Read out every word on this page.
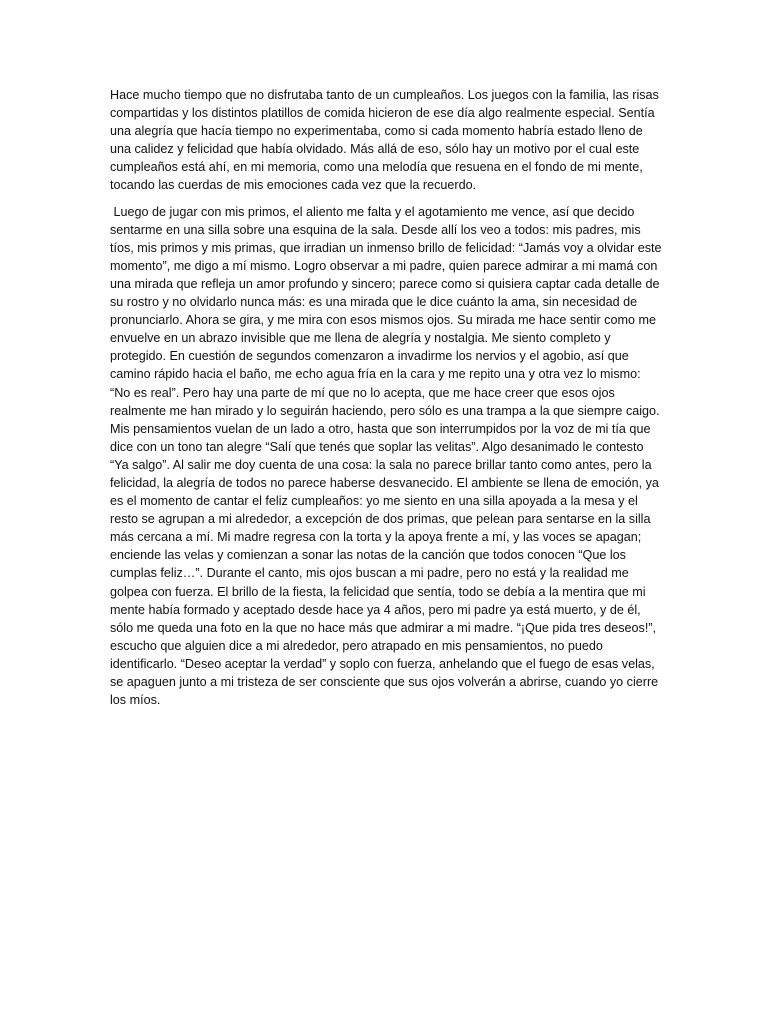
Hace mucho tiempo que no disfrutaba tanto de un cumpleaños. Los juegos con la familia, las risas compartidas y los distintos platillos de comida hicieron de ese día algo realmente especial. Sentía una alegría que hacía tiempo no experimentaba, como si cada momento habría estado lleno de una calidez y felicidad que había olvidado. Más allá de eso, sólo hay un motivo por el cual este cumpleaños está ahí, en mi memoria, como una melodía que resuena en el fondo de mi mente, tocando las cuerdas de mis emociones cada vez que la recuerdo.

Luego de jugar con mis primos, el aliento me falta y el agotamiento me vence, así que decido sentarme en una silla sobre una esquina de la sala. Desde allí los veo a todos: mis padres, mis tíos, mis primos y mis primas, que irradian un inmenso brillo de felicidad: “Jamás voy a olvidar este momento”, me digo a mí mismo. Logro observar a mi padre, quien parece admirar a mi mamá con una mirada que refleja un amor profundo y sincero; parece como si quisiera captar cada detalle de su rostro y no olvidarlo nunca más: es una mirada que le dice cuánto la ama, sin necesidad de pronunciarlo. Ahora se gira, y me mira con esos mismos ojos. Su mirada me hace sentir como me envuelve en un abrazo invisible que me llena de alegría y nostalgia. Me siento completo y protegido. En cuestión de segundos comenzaron a invadirme los nervios y el agobio, así que camino rápido hacia el baño, me echo agua fría en la cara y me repito una y otra vez lo mismo: “No es real”. Pero hay una parte de mí que no lo acepta, que me hace creer que esos ojos realmente me han mirado y lo seguirán haciendo, pero sólo es una trampa a la que siempre caigo. Mis pensamientos vuelan de un lado a otro, hasta que son interrumpidos por la voz de mi tía que dice con un tono tan alegre “Salí que tenés que soplar las velitas”. Algo desanimado le contesto “Ya salgo”. Al salir me doy cuenta de una cosa: la sala no parece brillar tanto como antes, pero la felicidad, la alegría de todos no parece haberse desvanecido. El ambiente se llena de emoción, ya es el momento de cantar el feliz cumpleaños: yo me siento en una silla apoyada a la mesa y el resto se agrupan a mi alrededor, a excepción de dos primas, que pelean para sentarse en la silla más cercana a mí. Mi madre regresa con la torta y la apoya frente a mí, y las voces se apagan; enciende las velas y comienzan a sonar las notas de la canción que todos conocen “Que los cumplas feliz…”. Durante el canto, mis ojos buscan a mi padre, pero no está y la realidad me golpea con fuerza. El brillo de la fiesta, la felicidad que sentía, todo se debía a la mentira que mi mente había formado y aceptado desde hace ya 4 años, pero mi padre ya está muerto, y de él, sólo me queda una foto en la que no hace más que admirar a mi madre. “¡Que pida tres deseos!”, escucho que alguien dice a mi alrededor, pero atrapado en mis pensamientos, no puedo identificarlo. “Deseo aceptar la verdad” y soplo con fuerza, anhelando que el fuego de esas velas, se apaguen junto a mi tristeza de ser consciente que sus ojos volverán a abrirse, cuando yo cierre los míos.
